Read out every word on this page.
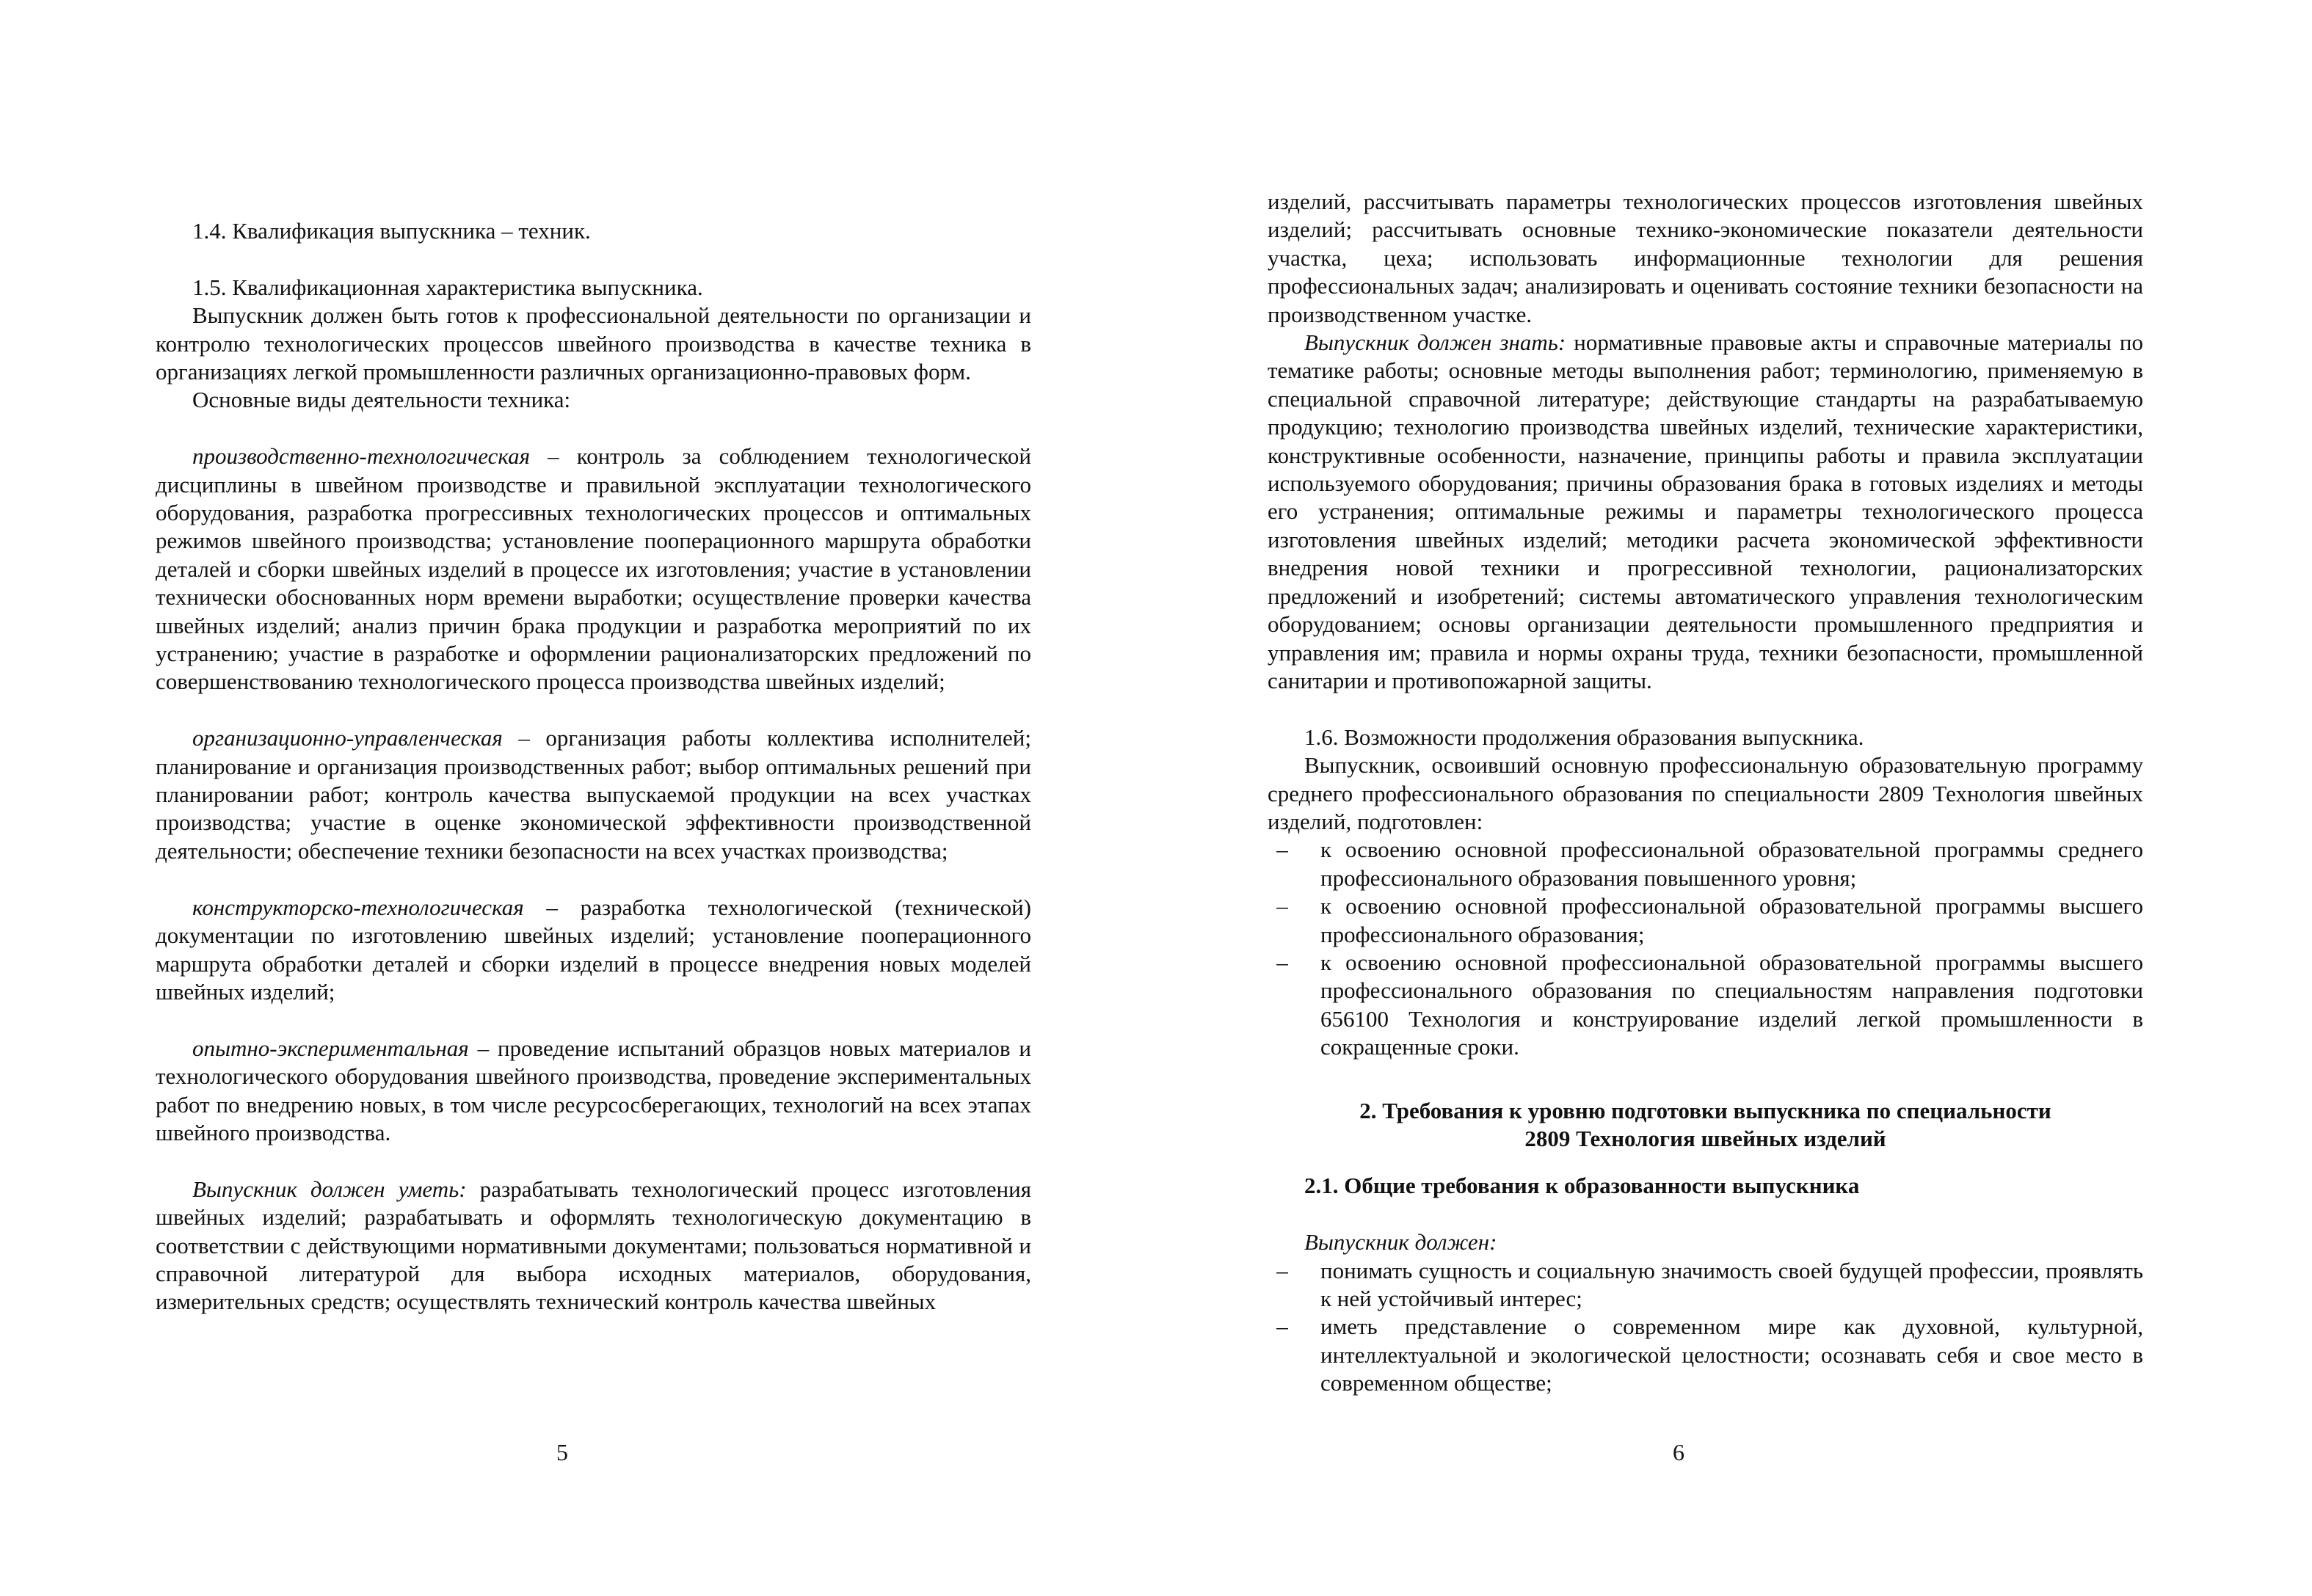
1.4. Квалификация выпускника – техник.

1.5. Квалификационная характеристика выпускника.

Выпускник должен быть готов к профессиональной деятельности по организации и контролю технологических процессов швейного производства в качестве техника в организациях легкой промышленности различных организационно-правовых форм.

Основные виды деятельности техника:

производственно-технологическая – контроль за соблюдением технологической дисциплины в швейном производстве и правильной эксплуатации технологического оборудования, разработка прогрессивных технологических процессов и оптимальных режимов швейного производства; установление пооперационного маршрута обработки деталей и сборки швейных изделий в процессе их изготовления; участие в установлении технически обоснованных норм времени выработки; осуществление проверки качества швейных изделий; анализ причин брака продукции и разработка мероприятий по их устранению; участие в разработке и оформлении рационализаторских предложений по совершенствованию технологического процесса производства швейных изделий;

организационно-управленческая – организация работы коллектива исполнителей; планирование и организация производственных работ; выбор оптимальных решений при планировании работ; контроль качества выпускаемой продукции на всех участках производства; участие в оценке экономической эффективности производственной деятельности; обеспечение техники безопасности на всех участках производства;

конструкторско-технологическая – разработка технологической (технической) документации по изготовлению швейных изделий; установление пооперационного маршрута обработки деталей и сборки изделий в процессе внедрения новых моделей швейных изделий;

опытно-экспериментальная – проведение испытаний образцов новых материалов и технологического оборудования швейного производства, проведение экспериментальных работ по внедрению новых, в том числе ресурсосберегающих, технологий на всех этапах швейного производства.

Выпускник должен уметь: разрабатывать технологический процесс изготовления швейных изделий; разрабатывать и оформлять технологическую документацию в соответствии с действующими нормативными документами; пользоваться нормативной и справочной литературой для выбора исходных материалов, оборудования, измерительных средств; осуществлять технический контроль качества швейных

5

изделий, рассчитывать параметры технологических процессов изготовления швейных изделий; рассчитывать основные технико-экономические показатели деятельности участка, цеха; использовать информационные технологии для решения профессиональных задач; анализировать и оценивать состояние техники безопасности на производственном участке.

Выпускник должен знать: нормативные правовые акты и справочные материалы по тематике работы; основные методы выполнения работ; терминологию, применяемую в специальной справочной литературе; действующие стандарты на разрабатываемую продукцию; технологию производства швейных изделий, технические характеристики, конструктивные особенности, назначение, принципы работы и правила эксплуатации используемого оборудования; причины образования брака в готовых изделиях и методы его устранения; оптимальные режимы и параметры технологического процесса изготовления швейных изделий; методики расчета экономической эффективности внедрения новой техники и прогрессивной технологии, рационализаторских предложений и изобретений; системы автоматического управления технологическим оборудованием; основы организации деятельности промышленного предприятия и управления им; правила и нормы охраны труда, техники безопасности, промышленной санитарии и противопожарной защиты.

1.6. Возможности продолжения образования выпускника.

Выпускник, освоивший основную профессиональную образовательную программу среднего профессионального образования по специальности 2809 Технология швейных изделий, подготовлен:

–	к освоению основной профессиональной образовательной программы среднего профессионального образования повышенного уровня;
–	к освоению основной профессиональной образовательной программы высшего профессионального образования;
–	к освоению основной профессиональной образовательной программы высшего профессионального образования по специальностям направления подготовки 656100 Технология и конструирование изделий легкой промышленности в сокращенные сроки.
2. Требования к уровню подготовки выпускника по специальности
2809 Технология швейных изделий

2.1. Общие требования к образованности выпускника

Выпускник должен:

–	понимать сущность и социальную значимость своей будущей профессии, проявлять к ней устойчивый интерес;
–	иметь представление о современном мире как духовной, культурной, интеллектуальной и экологической целостности; осознавать себя и свое место в современном обществе;
6
